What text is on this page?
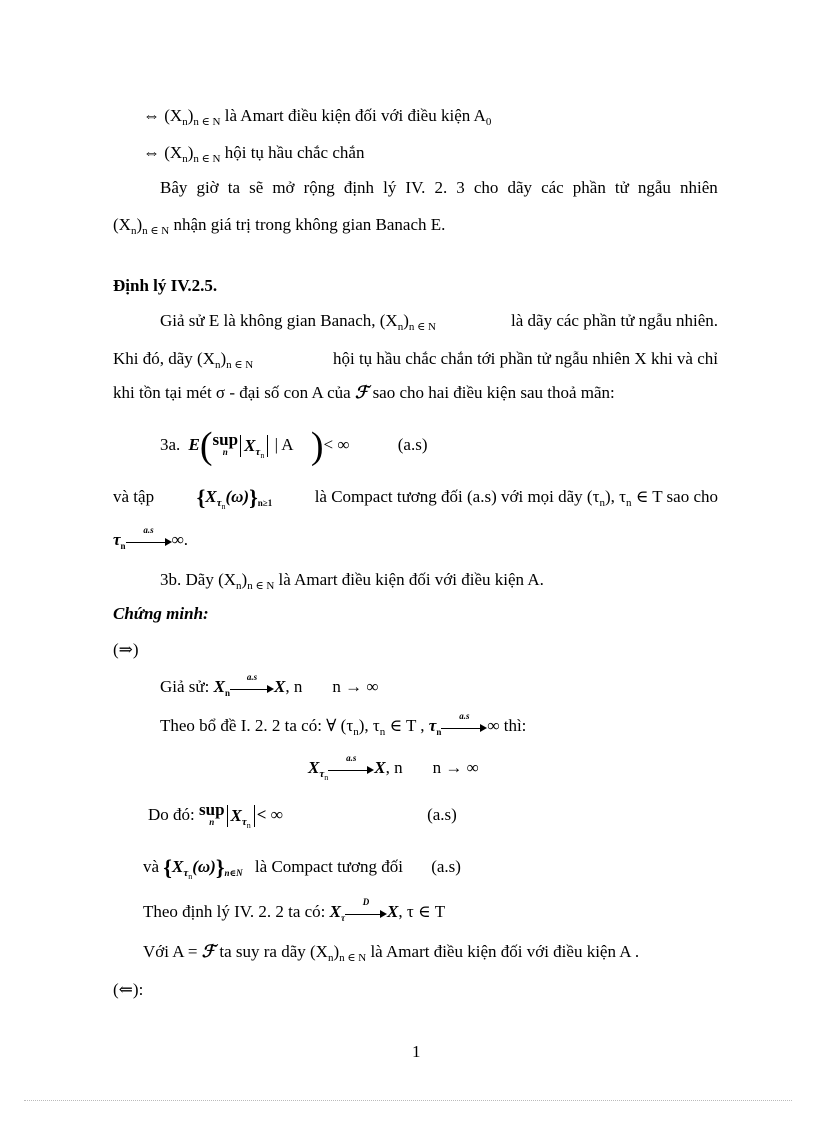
⇔ $(X_n)_{n \in N}$ là Amart điều kiện đối với điều kiện $A_0$
⇔ $(X_n)_{n \in N}$ hội tụ hầu chắc chắn
Bây giờ ta sẽ mở rộng định lý IV. 2. 3 cho dãy các phần tử ngẫu nhiên
$(X_n)_{n \in N}$ nhận giá trị trong không gian Banach E.
Định lý IV.2.5.
Giả sử E là không gian Banach, $(X_n)_{n \in N}$	là dãy các phần tử ngẫu nhiên.
Khi đó, dãy $(X_n)_{n \in N}$	hội tụ hầu chắc chắn tới phần tử ngẫu nhiên X khi và chỉ
khi tồn tại mét σ - đại số con A của ℱ sao cho hai điều kiện sau thoả mãn:
3a. E(sup
n $X_{\tau n}$ | A )< ∞	(a.s)
và tập $\{X_{\tau n}(\omega)\}_{n\ge 1}$ là Compact tương đối (a.s) với mọi dãy $(\tau_n)$, $\tau_n$ ∈ T sao cho
$\tau_n$
a.s	∞.
3b. Dãy $(X_n)_{n \in N}$ là Amart điều kiện đối với điều kiện A.
Chứng minh:
(⇒)
Giả sử: $X_n$
a.s X, n n → ∞
Theo bổ đề I. 2. 2 ta có: ∀ $(\tau_n)$, $\tau_n$ ∈ T , $\tau_n$
a.s	∞ thì:
$X_{\tau n}$
a.s	X, n n → ∞
Do đó: sup
n $X_{\tau n}<$ ∞	(a.s)
và $\{X_{\tau n}(\omega)\}_{n\in N}$ là Compact tương đối (a.s)
Theo định lý IV. 2. 2 ta có: $X_\tau$
D	X, τ ∈ T
Với A = ℱ ta suy ra dãy $(X_n)_{n \in N}$ là Amart điều kiện đối với điều kiện A .
(⇐):
1
